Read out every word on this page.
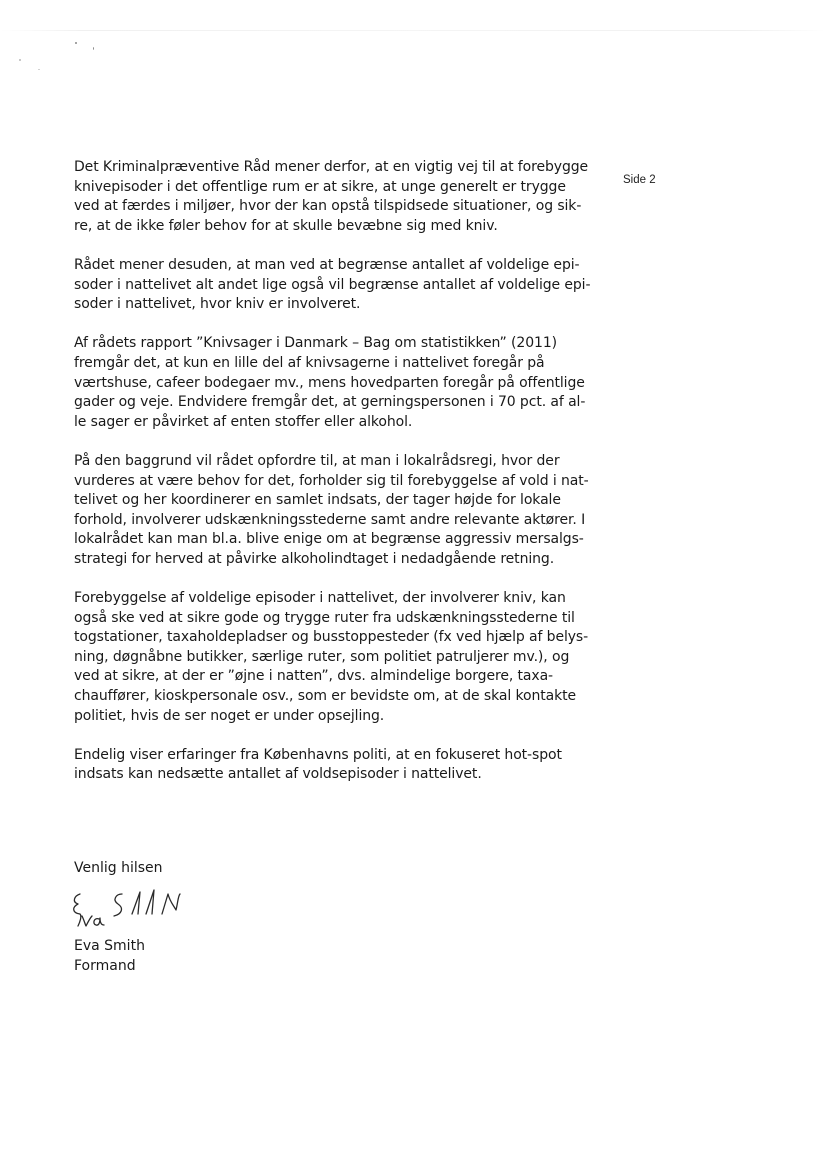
Side 2

Det Kriminalpræventive Råd mener derfor, at en vigtig vej til at forebygge
knivepisoder i det offentlige rum er at sikre, at unge generelt er trygge
ved at færdes i miljøer, hvor der kan opstå tilspidsede situationer, og sik-
re, at de ikke føler behov for at skulle bevæbne sig med kniv.

Rådet mener desuden, at man ved at begrænse antallet af voldelige epi-
soder i nattelivet alt andet lige også vil begrænse antallet af voldelige epi-
soder i nattelivet, hvor kniv er involveret.

Af rådets rapport ”Knivsager i Danmark – Bag om statistikken” (2011)
fremgår det, at kun en lille del af knivsagerne i nattelivet foregår på
værtshuse, cafeer bodegaer mv., mens hovedparten foregår på offentlige
gader og veje. Endvidere fremgår det, at gerningspersonen i 70 pct. af al-
le sager er påvirket af enten stoffer eller alkohol.

På den baggrund vil rådet opfordre til, at man i lokalrådsregi, hvor der
vurderes at være behov for det, forholder sig til forebyggelse af vold i nat-
telivet og her koordinerer en samlet indsats, der tager højde for lokale
forhold, involverer udskænkningsstederne samt andre relevante aktører. I
lokalrådet kan man bl.a. blive enige om at begrænse aggressiv mersalgs-
strategi for herved at påvirke alkoholindtaget i nedadgående retning.

Forebyggelse af voldelige episoder i nattelivet, der involverer kniv, kan
også ske ved at sikre gode og trygge ruter fra udskænkningsstederne til
togstationer, taxaholdepladser og busstoppesteder (fx ved hjælp af belys-
ning, døgnåbne butikker, særlige ruter, som politiet patruljerer mv.), og
ved at sikre, at der er ”øjne i natten”, dvs. almindelige borgere, taxa-
chauffører, kioskpersonale osv., som er bevidste om, at de skal kontakte
politiet, hvis de ser noget er under opsejling.

Endelig viser erfaringer fra Københavns politi, at en fokuseret hot-spot
indsats kan nedsætte antallet af voldsepisoder i nattelivet.

Venlig hilsen
Eva Smith
Formand
